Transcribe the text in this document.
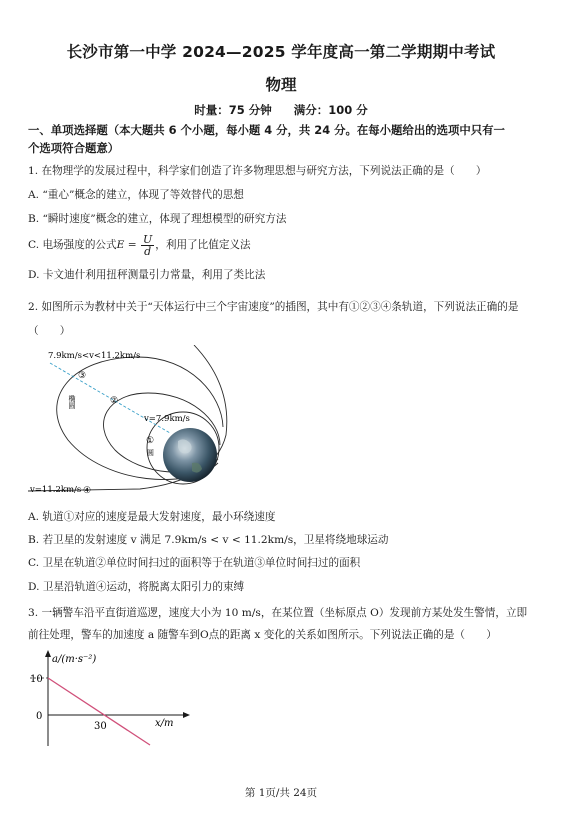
长沙市第一中学 2024—2025 学年度高一第二学期期中考试
物理
时量：75 分钟 满分：100 分
一、单项选择题（本大题共 6 个小题，每小题 4 分，共 24 分。在每小题给出的选项中只有一
个选项符合题意）
1. 在物理学的发展过程中，科学家们创造了许多物理思想与研究方法，下列说法正确的是（　　）
A. “重心”概念的建立，体现了等效替代的思想
B. “瞬时速度”概念的建立，体现了理想模型的研究方法
C. 电场强度的公式$E = \frac{U}{d}$ ，利用了比值定义法
D. 卡文迪什利用扭秤测量引力常量，利用了类比法
2. 如图所示为教材中关于“天体运行中三个宇宙速度”的插图，其中有①②③④条轨道，下列说法正确的是
（　　）
7.9km/s<v<11.2km/s
v=7.9km/s
v=11.2km/s
③
②
①
④
圆
椭圆
A. 轨道①对应的速度是最大发射速度，最小环绕速度
B. 若卫星的发射速度 v 满足 7.9km/s < v < 11.2km/s，卫星将绕地球运动
C. 卫星在轨道②单位时间扫过的面积等于在轨道③单位时间扫过的面积
D. 卫星沿轨道④运动，将脱离太阳引力的束缚
3. 一辆警车沿平直街道巡逻，速度大小为 10 m/s，在某位置（坐标原点 O）发现前方某处发生警情，立即
前往处理，警车的加速度 a 随警车到O点的距离 x 变化的关系如图所示。下列说法正确的是（　　）
a/(m·s⁻²)
x/m
10
0
30
第 1页/共 24页
